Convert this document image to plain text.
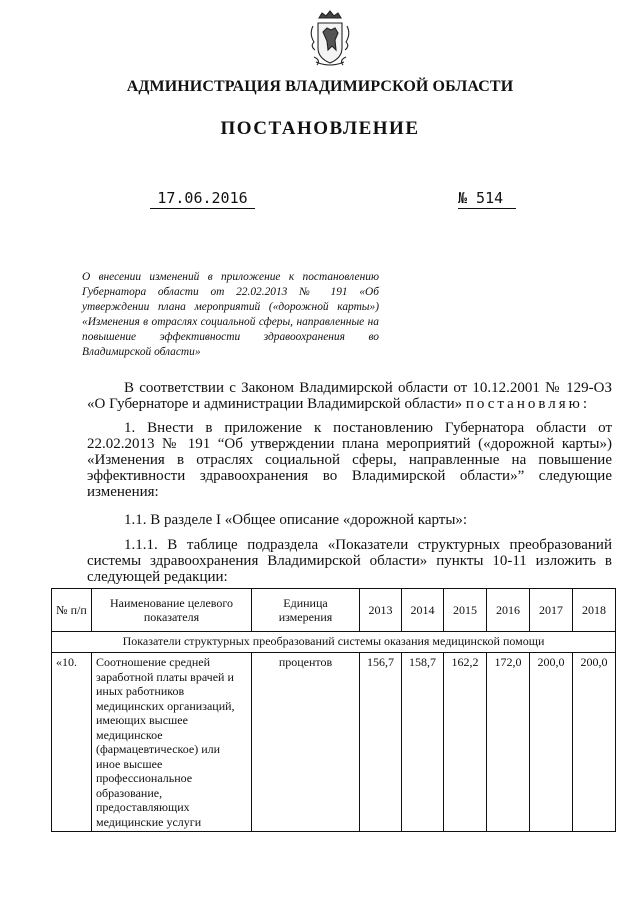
АДМИНИСТРАЦИЯ ВЛАДИМИРСКОЙ ОБЛАСТИ
ПОСТАНОВЛЕНИЕ
17.06.2016	№ 514
О внесении изменений в приложение к постановлению Губернатора области от 22.02.2013 № 191 «Об утверждении плана мероприятий («дорожной карты») «Изменения в отраслях социальной сферы, направленные на повышение эффективности здравоохранения во Владимирской области»
В соответствии с Законом Владимирской области от 10.12.2001 № 129-ОЗ «О Губернаторе и администрации Владимирской области» постановляю:
1. Внести в приложение к постановлению Губернатора области от 22.02.2013 № 191 “Об утверждении плана мероприятий («дорожной карты») «Изменения в отраслях социальной сферы, направленные на повышение эффективности здравоохранения во Владимирской области»” следующие изменения:
1.1. В разделе I «Общее описание «дорожной карты»:
1.1.1. В таблице подраздела «Показатели структурных преобразований системы здравоохранения Владимирской области» пункты 10-11 изложить в следующей редакции:
№ п/п	Наименование целевого показателя	Единица измерения	2013	2014	2015	2016	2017	2018
Показатели структурных преобразований системы оказания медицинской помощи								
«10.	Соотношение средней заработной платы врачей и иных работников медицинских организаций, имеющих высшее медицинское (фармацевтическое) или иное высшее профессиональное образование, предоставляющих медицинские услуги	процентов	156,7	158,7	162,2	172,0	200,0	200,0
